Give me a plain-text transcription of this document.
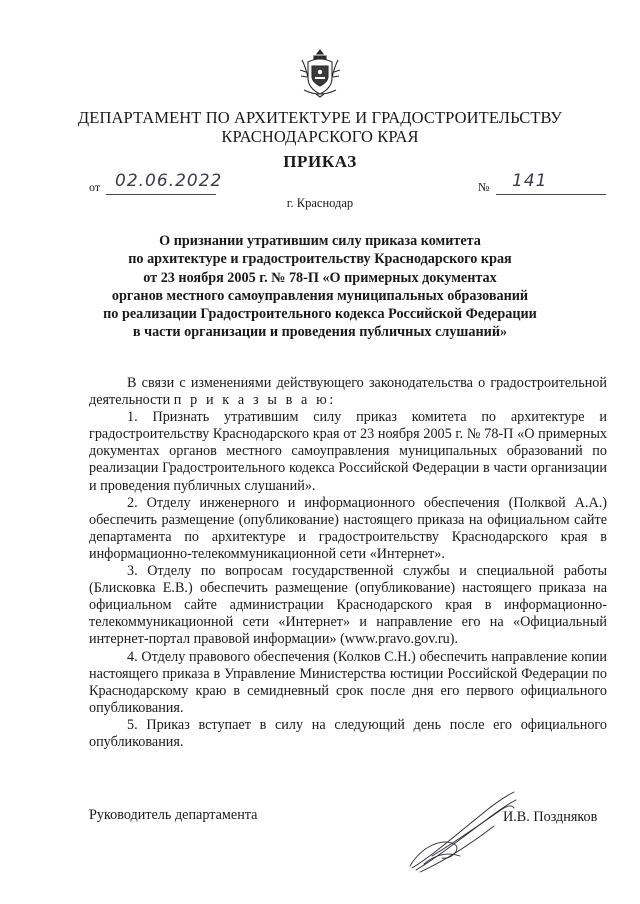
ДЕПАРТАМЕНТ ПО АРХИТЕКТУРЕ И ГРАДОСТРОИТЕЛЬСТВУ
КРАСНОДАРСКОГО КРАЯ
ПРИКАЗ
от 02.06.2022	№ 141
г. Краснодар
О признании утратившим силу приказа комитета
по архитектуре и градостроительству Краснодарского края
от 23 ноября 2005 г. № 78-П «О примерных документах
органов местного самоуправления муниципальных образований
по реализации Градостроительного кодекса Российской Федерации
в части организации и проведения публичных слушаний»

В связи с изменениями действующего законодательства о градостроительной деятельности п р и к а з ы в а ю:

1. Признать утратившим силу приказ комитета по архитектуре и градостроительству Краснодарского края от 23 ноября 2005 г. № 78-П «О примерных документах органов местного самоуправления муниципальных образований по реализации Градостроительного кодекса Российской Федерации в части организации и проведения публичных слушаний».

2. Отделу инженерного и информационного обеспечения (Полквой А.А.) обеспечить размещение (опубликование) настоящего приказа на официальном сайте департамента по архитектуре и градостроительству Краснодарского края в информационно-телекоммуникационной сети «Интернет».

3. Отделу по вопросам государственной службы и специальной работы (Блисковка Е.В.) обеспечить размещение (опубликование) настоящего приказа на официальном сайте администрации Краснодарского края в информационно-телекоммуникационной сети «Интернет» и направление его на «Официальный интернет-портал правовой информации» (www.pravo.gov.ru).

4. Отделу правового обеспечения (Колков С.Н.) обеспечить направление копии настоящего приказа в Управление Министерства юстиции Российской Федерации по Краснодарскому краю в семидневный срок после дня его первого официального опубликования.

5. Приказ вступает в силу на следующий день после его официального опубликования.

Руководитель департамента	И.В. Поздняков
